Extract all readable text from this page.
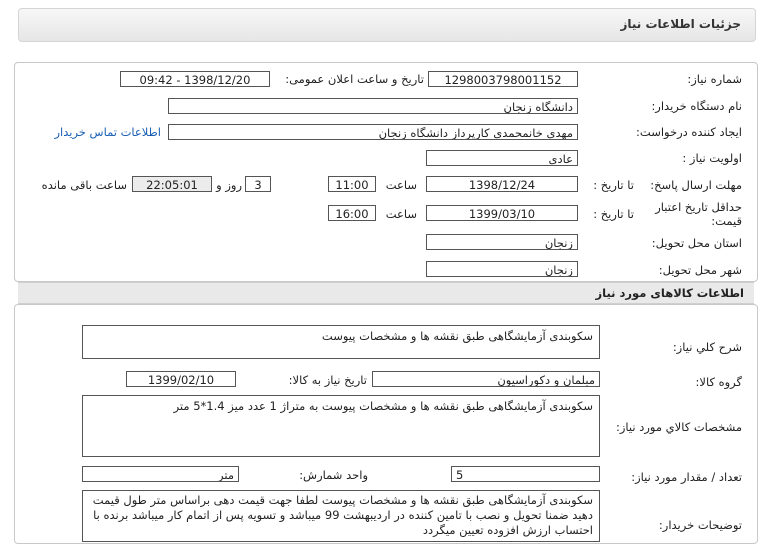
جزئیات اطلاعات نیاز
شماره نیاز:
1298003798001152
تاریخ و ساعت اعلان عمومی:
1398/12/20 - 09:42
نام دستگاه خریدار:
دانشگاه زنجان
ایجاد کننده درخواست:
مهدی خانمحمدی کارپرداز دانشگاه زنجان
اطلاعات تماس خریدار
اولویت نیاز :
عادی
مهلت ارسال پاسخ:
تا تاریخ :
1398/12/24
ساعت
11:00
3
روز و
22:05:01
ساعت باقی مانده
حداقل تاریخ اعتبار قیمت:
تا تاریخ :
1399/03/10
ساعت
16:00
استان محل تحویل:
زنجان
شهر محل تحویل:
زنجان
اطلاعات کالاهای مورد نیاز
شرح کلي نياز:
سکوبندی آزمایشگاهی طبق نقشه ها و مشخصات پیوست
گروه کالا:
مبلمان و دکوراسیون
تاریخ نیاز به کالا:
1399/02/10
مشخصات کالاي مورد نياز:
سکوبندی آزمایشگاهی طبق نقشه ها و مشخصات پیوست به متراژ 1 عدد میز 1.4*5 متر
تعداد / مقدار مورد نیاز:
5
واحد شمارش:
متر
توضیحات خریدار:
سکوبندی آزمایشگاهی طبق نقشه ها و مشخصات پیوست لطفا جهت قیمت دهی براساس متر طول قیمت دهید ضمنا تحویل و نصب با تامین کننده در اردیبهشت 99 میباشد و تسویه پس از اتمام کار میباشد برنده با احتساب ارزش افزوده تعیین میگردد
